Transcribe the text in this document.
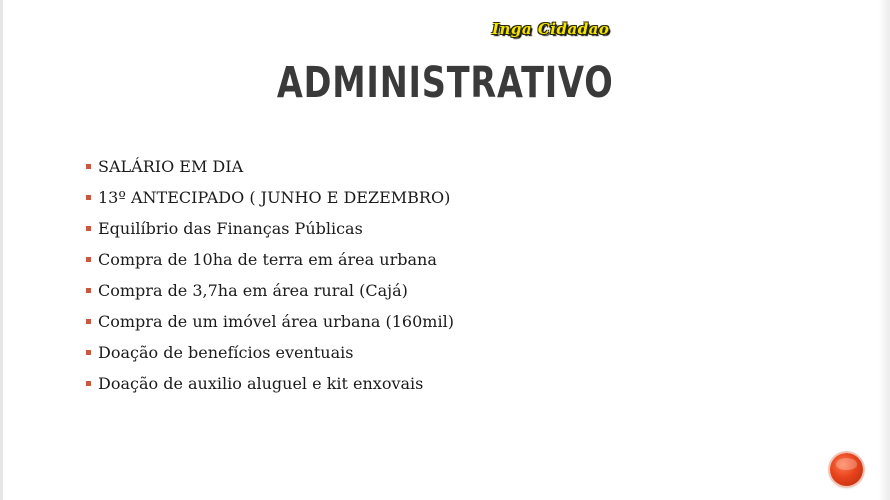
Inga Cidadao
ADMINISTRATIVO
SALÁRIO EM DIA
13º ANTECIPADO ( JUNHO E DEZEMBRO)
Equilíbrio das Finanças Públicas
Compra de 10ha de terra em área urbana
Compra de 3,7ha em área rural (Cajá)
Compra de um imóvel área urbana (160mil)
Doação de benefícios eventuais
Doação de auxilio aluguel e kit enxovais
